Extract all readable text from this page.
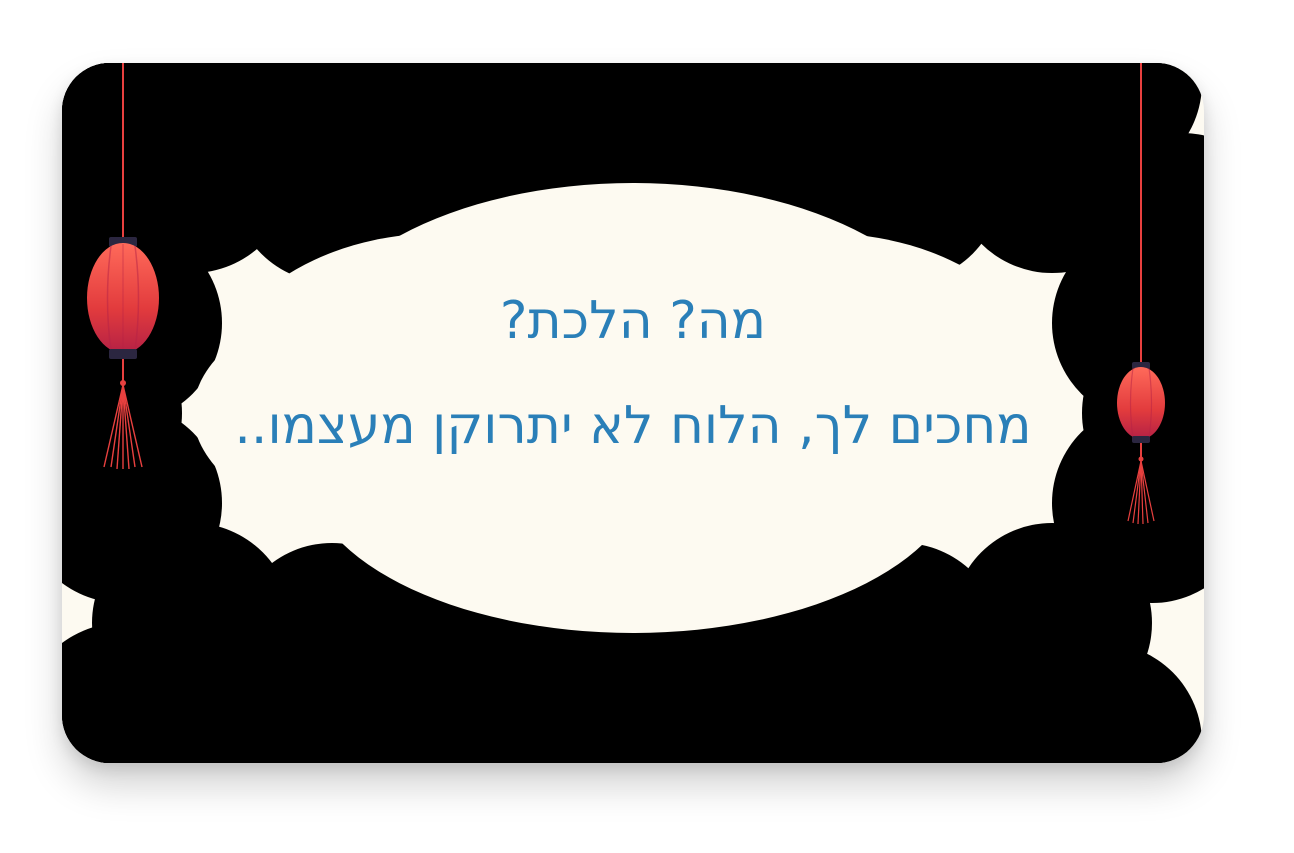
מה? הלכת?
מחכים לך, הלוח לא יתרוקן מעצמו..
